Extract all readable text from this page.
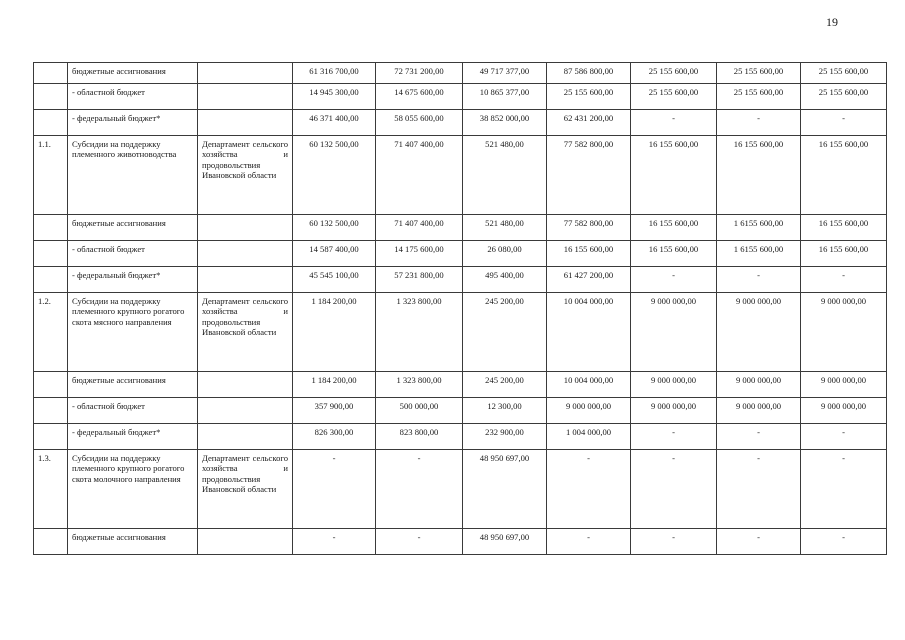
19
	бюджетные ассигнования		61 316 700,00	72 731 200,00	49 717 377,00	87 586 800,00	25 155 600,00	25 155 600,00	25 155 600,00
	- областной бюджет		14 945 300,00	14 675 600,00	10 865 377,00	25 155 600,00	25 155 600,00	25 155 600,00	25 155 600,00
	- федеральный бюджет*		46 371 400,00	58 055 600,00	38 852 000,00	62 431 200,00	-	-	-
1.1.	Субсидии на поддержку племенного животноводства	Департамент сельского хозяйства и продовольствия Ивановской области	60 132 500,00	71 407 400,00	521 480,00	77 582 800,00	16 155 600,00	16 155 600,00	16 155 600,00
	бюджетные ассигнования		60 132 500,00	71 407 400,00	521 480,00	77 582 800,00	16 155 600,00	1 6155 600,00	16 155 600,00
	- областной бюджет		14 587 400,00	14 175 600,00	26 080,00	16 155 600,00	16 155 600,00	1 6155 600,00	16 155 600,00
	- федеральный бюджет*		45 545 100,00	57 231 800,00	495 400,00	61 427 200,00	-	-	-
1.2.	Субсидии на поддержку племенного крупного рогатого скота мясного направления	Департамент сельского хозяйства и продовольствия Ивановской области	1 184 200,00	1 323 800,00	245 200,00	10 004 000,00	9 000 000,00	9 000 000,00	9 000 000,00
	бюджетные ассигнования		1 184 200,00	1 323 800,00	245 200,00	10 004 000,00	9 000 000,00	9 000 000,00	9 000 000,00
	- областной бюджет		357 900,00	500 000,00	12 300,00	9 000 000,00	9 000 000,00	9 000 000,00	9 000 000,00
	- федеральный бюджет*		826 300,00	823 800,00	232 900,00	1 004 000,00	-	-	-
1.3.	Субсидии на поддержку племенного крупного рогатого скота молочного направления	Департамент сельского хозяйства и продовольствия Ивановской области	-	-	48 950 697,00	-	-	-	-
	бюджетные ассигнования		-	-	48 950 697,00	-	-	-	-
